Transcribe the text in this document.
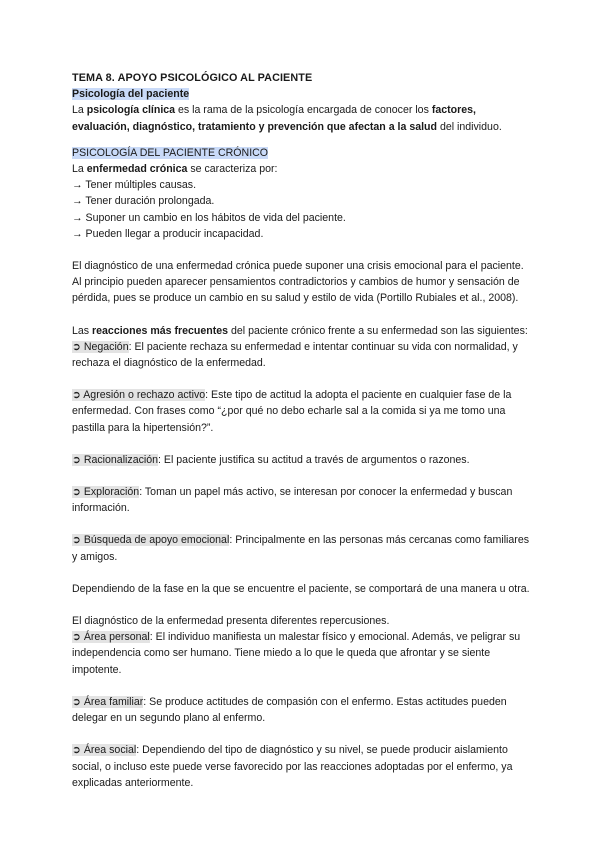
TEMA 8. APOYO PSICOLÓGICO AL PACIENTE

Psicología del paciente

La psicología clínica es la rama de la psicología encargada de conocer los factores, evaluación, diagnóstico, tratamiento y prevención que afectan a la salud del individuo.

PSICOLOGÍA DEL PACIENTE CRÓNICO

La enfermedad crónica se caracteriza por:

→ Tener múltiples causas.

→ Tener duración prolongada.

→ Suponer un cambio en los hábitos de vida del paciente.

→ Pueden llegar a producir incapacidad.

El diagnóstico de una enfermedad crónica puede suponer una crisis emocional para el paciente. Al principio pueden aparecer pensamientos contradictorios y cambios de humor y sensación de pérdida, pues se produce un cambio en su salud y estilo de vida (Portillo Rubiales et al., 2008).

Las reacciones más frecuentes del paciente crónico frente a su enfermedad son las siguientes:

➲ Negación: El paciente rechaza su enfermedad e intentar continuar su vida con normalidad, y rechaza el diagnóstico de la enfermedad.

➲ Agresión o rechazo activo: Este tipo de actitud la adopta el paciente en cualquier fase de la enfermedad. Con frases como “¿por qué no debo echarle sal a la comida si ya me tomo una pastilla para la hipertensión?”.

➲ Racionalización: El paciente justifica su actitud a través de argumentos o razones.

➲ Exploración: Toman un papel más activo, se interesan por conocer la enfermedad y buscan información.

➲ Búsqueda de apoyo emocional: Principalmente en las personas más cercanas como familiares y amigos.

Dependiendo de la fase en la que se encuentre el paciente, se comportará de una manera u otra.

El diagnóstico de la enfermedad presenta diferentes repercusiones.

➲ Área personal: El individuo manifiesta un malestar físico y emocional. Además, ve peligrar su independencia como ser humano. Tiene miedo a lo que le queda que afrontar y se siente impotente.

➲ Área familiar: Se produce actitudes de compasión con el enfermo. Estas actitudes pueden delegar en un segundo plano al enfermo.

➲ Área social: Dependiendo del tipo de diagnóstico y su nivel, se puede producir aislamiento social, o incluso este puede verse favorecido por las reacciones adoptadas por el enfermo, ya explicadas anteriormente.
